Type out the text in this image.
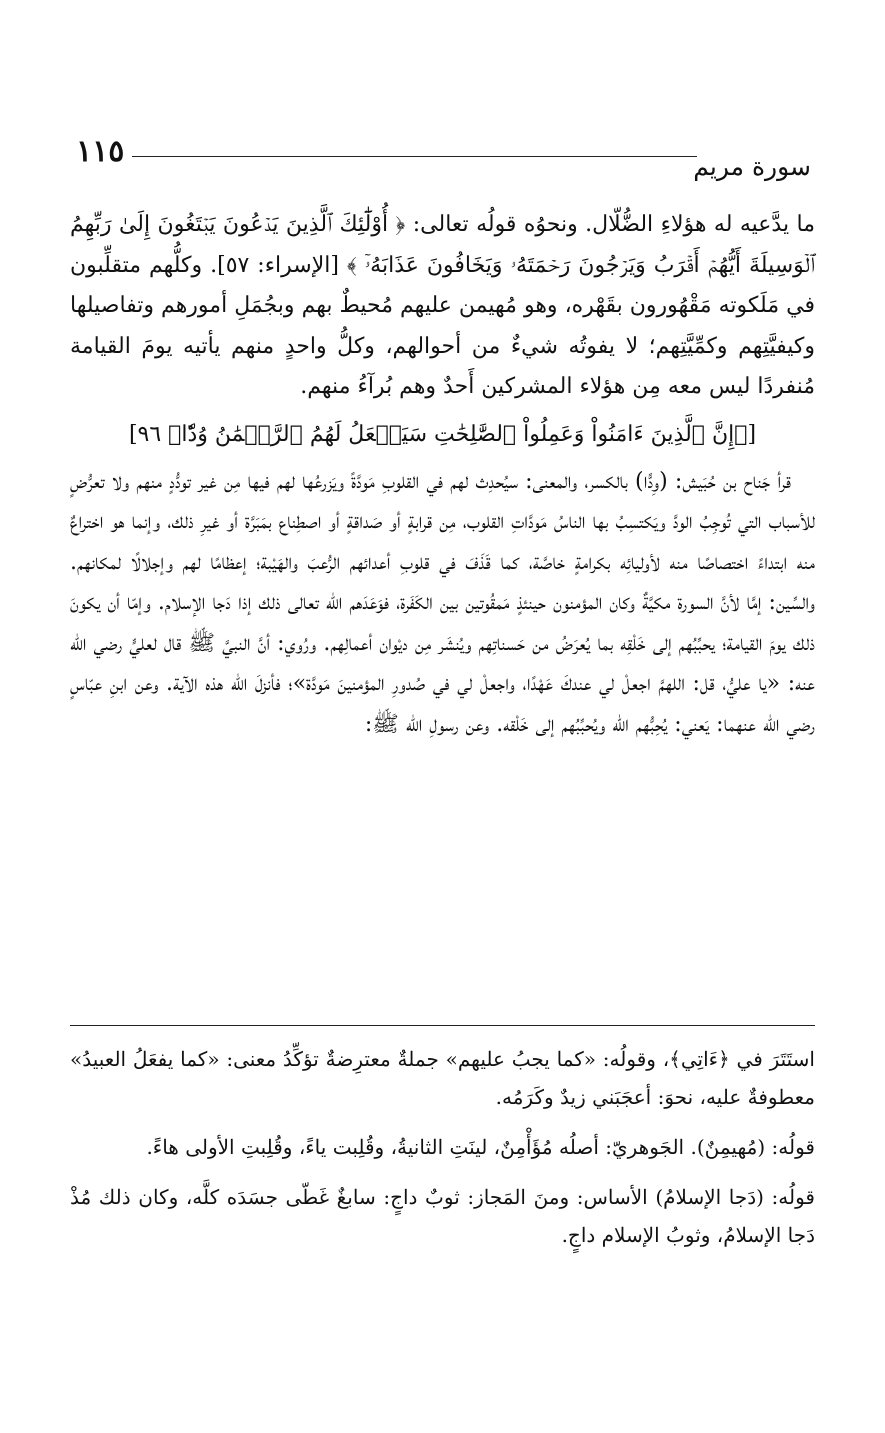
سورة مريم
١١٥

ما يدَّعيه له هؤلاءِ الضُّلّال. ونحوُه قولُه تعالى: ﴿ أُوْلَٰٓئِكَ ٱلَّذِينَ يَدۡعُونَ يَبۡتَغُونَ إِلَىٰ رَبِّهِمُ ٱلۡوَسِيلَةَ أَيُّهُمۡ أَقۡرَبُ وَيَرۡجُونَ رَحۡمَتَهُۥ وَيَخَافُونَ عَذَابَهُۥٓ ﴾ [الإسراء: ٥٧]. وكلُّهم متقلِّبون في مَلَكوته مَقْهُورون بقَهْره، وهو مُهيمن عليهم مُحيطٌ بهم وبجُمَلِ أمورهم وتفاصيلها وكيفيَّتِهم وكمِّيَّتِهم؛ لا يفوتُه شيءٌ من أحوالهم، وكلُّ واحدٍ منهم يأتيه يومَ القيامة مُنفردًا ليس معه مِن هؤلاء المشركين أَحدٌ وهم بُرآءُ منهم.

[﴿إِنَّ ٱلَّذِينَ ءَامَنُواْ وَعَمِلُواْ ٱلصَّٰلِحَٰتِ سَيَجۡعَلُ لَهُمُ ٱلرَّحۡمَٰنُ وُدّٗا﴾ ٩٦]

قرأ جَناح بن حُبَيش: (وِدًّا) بالكسر، والمعنى: سيُحدِث لهم في القلوبِ مَودَّةً ويَزرعُها لهم فيها مِن غير تودُّدٍ منهم ولا تعرُّضٍ للأسباب التي تُوجِبُ الودَّ ويَكتسِبُ بها الناسُ مَودَّاتِ القلوب، مِن قرابةٍ أو صَداقةٍ أو اصطِناع بمَبَرَّة أو غيرِ ذلك، وإنما هو اختراعٌ منه ابتداءً اختصاصًا منه لأوليائِه بكرامةٍ خاصَّة، كما قَذَفَ في قلوبِ أعدائهم الرُّعبَ والهَيْبة؛ إعظامًا لهم وإجلالًا لمكانهم. والسِّين: إمَّا لأنَّ السورة مكيَّةٌ وكان المؤمنون حينئذٍ مَمقُوتين بين الكَفَرة، فوَعَدَهم الله تعالى ذلك إذا دَجا الإسلام. وإمّا أن يكونَ ذلك يومَ القيامة؛ يحبِّبُهم إلى خَلْقِه بما يُعرَضُ من حَسناتِهم ويُنشَر مِن ديْوان أعمالِهم. ورُوي: أنَّ النبيَّ ﷺ قال لعليٍّ رضي الله عنه: «يا عليُّ، قل: اللهمَّ اجعلْ لي عندكَ عَهْدًا، واجعلْ لي في صُدورِ المؤمنينَ مَودَّة»؛ فأنزلَ الله هذه الآية. وعن ابنِ عبّاسٍ رضي الله عنهما: يَعني: يُحِبُّهم الله ويُحبِّبُهم إلى خَلْقه. وعن رسولِ الله ﷺ:

استَتَرَ في ﴿ءَاتِي﴾، وقولُه: «كما يجبُ عليهم» جملةٌ معترِضةٌ تؤكِّدُ معنى: «كما يفعَلُ العبيدُ» معطوفةٌ عليه، نحوَ: أعجَبَني زيدٌ وكَرَمُه.

قولُه: (مُهيمِنٌ). الجَوهريّ: أصلُه مُؤَأْمِنٌ، لينَتِ الثانيةُ، وقُلِبت ياءً، وقُلِبتِ الأولى هاءً.

قولُه: (دَجا الإسلامُ) الأساس: ومنَ المَجاز: ثوبٌ داجٍ: سابغٌ غَطّى جسَدَه كلَّه، وكان ذلك مُذْ دَجا الإسلامُ، وثوبُ الإسلام داجٍ.
